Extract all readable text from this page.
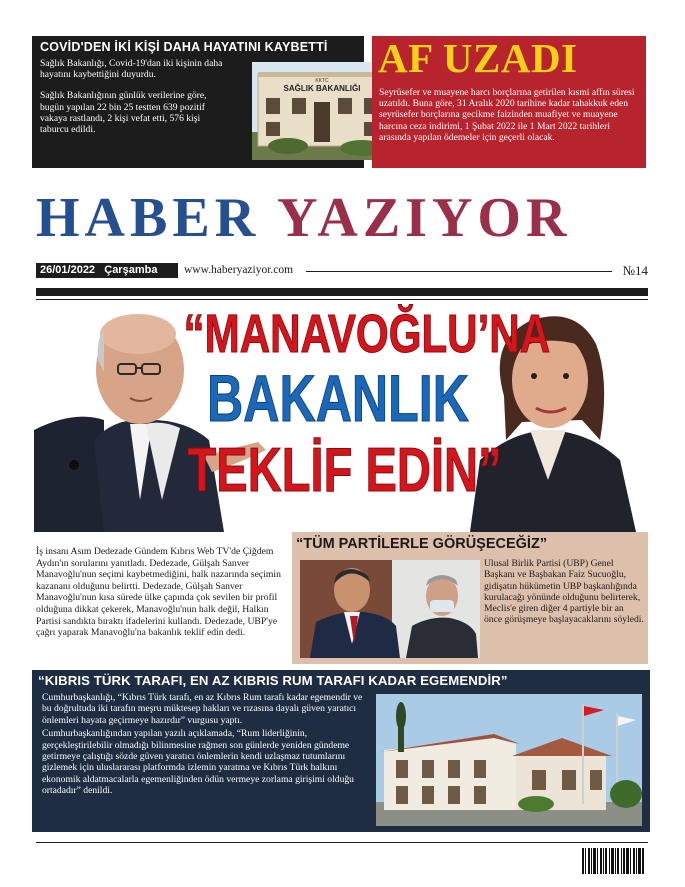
COVİD'DEN İKİ KİŞİ DAHA HAYATINI KAYBETTİ

Sağlık Bakanlığı, Covid-19'dan iki kişinin daha hayatını kaybettiğini duyurdu.

Sağlık Bakanlığının günlük verilerine göre, bugün yapılan 22 bin 25 testten 639 pozitif vakaya rastlandı, 2 kişi vefat etti, 576 kişi taburcu edildi.

KKTC
SAĞLIK BAKANLIĞI
AF UZADI
Seyrüsefer ve muayene harcı borçlarına getirilen kısmi affın süresi uzatıldı. Buna göre, 31 Aralık 2020 tarihine kadar tahakkuk eden seyrüsefer borçlarına gecikme faizinden muafiyet ve muayene harcına ceza indirimi, 1 Şubat 2022 ile 1 Mart 2022 tarihleri arasında yapılan ödemeler için geçerli olacak.
HABER YAZIYOR
26/01/2022 Çarşamba	www.haberyaziyor.com	№14
“MANAVOĞLU’NA
BAKANLIK
TEKLİF EDİN”
İş insanı Asım Dedezade Gündem Kıbrıs Web TV'de Çiğdem Aydın'ın sorularını yanıtladı. Dedezade, Gülşah Sanver Manavoğlu'nun seçimi kaybetmediğini, halk nazarında seçimin kazananı olduğunu belirtti. Dedezade, Gülşah Sanver Manavoğlu'nun kısa sürede ülke çapında çok sevilen bir profil olduğuna dikkat çekerek, Manavoğlu'nun halk değil, Halkın Partisi sandıkta bıraktı ifadelerini kullandı. Dedezade, UBP'ye çağrı yaparak Manavoğlu'na bakanlık teklif edin dedi.
“TÜM PARTİLERLE GÖRÜŞECEĞİZ”
Ulusal Birlik Partisi (UBP) Genel Başkanı ve Başbakan Faiz Sucuoğlu, gidişatın hükümetin UBP başkanlığında kurulacağı yönünde olduğunu belirterek, Meclis'e giren diğer 4 partiyle bir an önce görüşmeye başlayacaklarını söyledi.
“KIBRIS TÜRK TARAFI, EN AZ KIBRIS RUM TARAFI KADAR EGEMENDİR”

Cumhurbaşkanlığı, “Kıbrıs Türk tarafı, en az Kıbrıs Rum tarafı kadar egemendir ve bu doğrultuda iki tarafın meşru müktesep hakları ve rızasına dayalı güven yaratıcı önlemleri hayata geçirmeye hazırdır” vurgusu yaptı.

Cumhurbaşkanlığından yapılan yazılı açıklamada, “Rum liderliğinin, gerçekleştirilebilir olmadığı bilinmesine rağmen son günlerde yeniden gündeme getirmeye çalıştığı sözde güven yaratıcı önlemlerin kendi uzlaşmaz tutumlarını gizlemek için uluslararası platformda izlemin yaratma ve Kıbrıs Türk halkını ekonomik aldatmacalarla egemenliğinden ödün vermeye zorlama girişimi olduğu ortadadır” denildi.
